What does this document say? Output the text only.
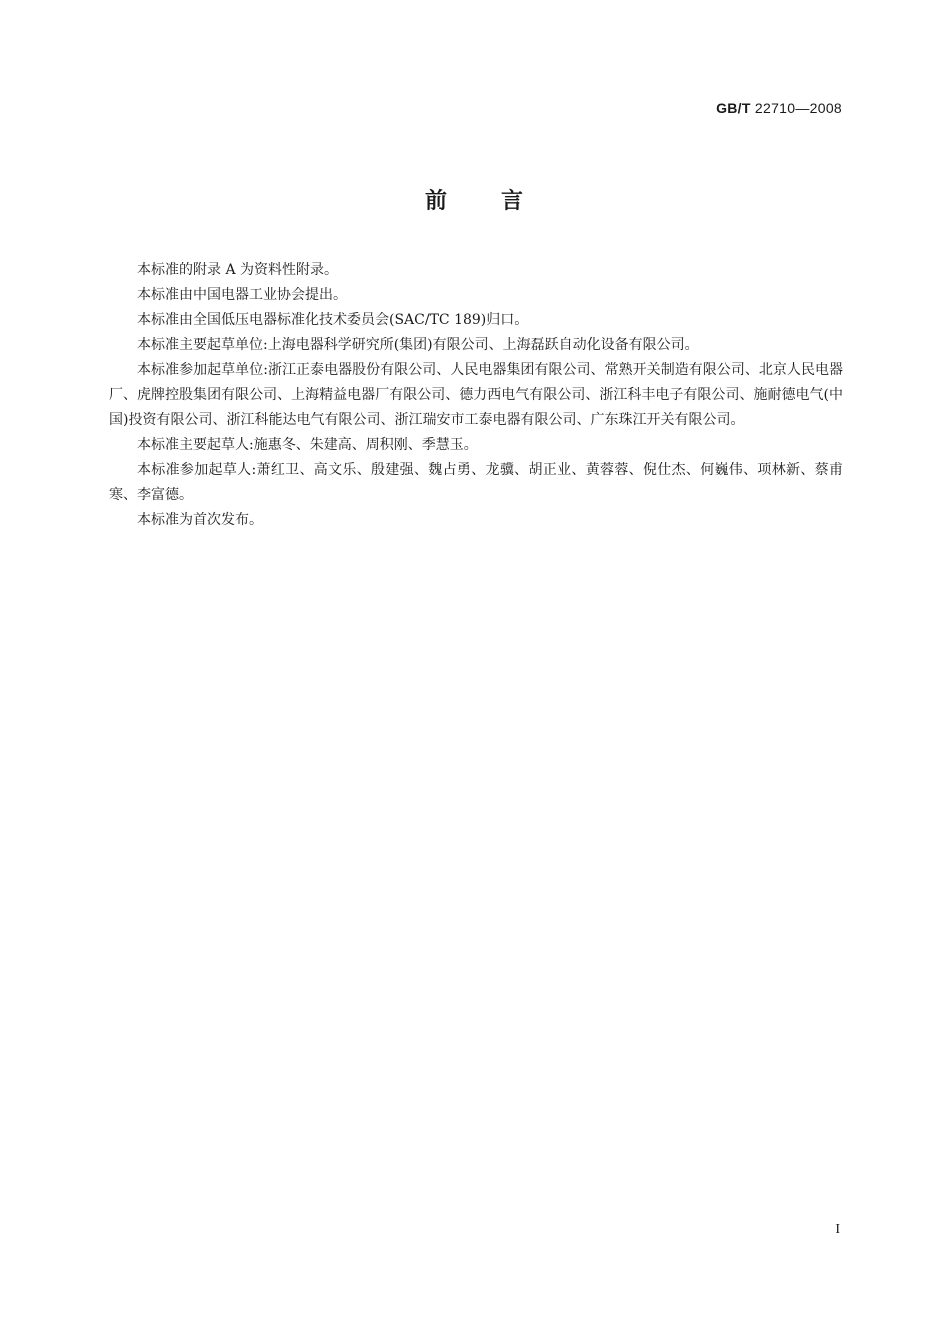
GB/T 22710—2008
前 言

本标准的附录 A 为资料性附录。

本标准由中国电器工业协会提出。

本标准由全国低压电器标准化技术委员会(SAC/TC 189)归口。

本标准主要起草单位:上海电器科学研究所(集团)有限公司、上海磊跃自动化设备有限公司。

本标准参加起草单位:浙江正泰电器股份有限公司、人民电器集团有限公司、常熟开关制造有限公司、北京人民电器厂、虎牌控股集团有限公司、上海精益电器厂有限公司、德力西电气有限公司、浙江科丰电子有限公司、施耐德电气(中国)投资有限公司、浙江科能达电气有限公司、浙江瑞安市工泰电器有限公司、广东珠江开关有限公司。

本标准主要起草人:施惠冬、朱建高、周积刚、季慧玉。

本标准参加起草人:萧红卫、高文乐、殷建强、魏占勇、龙骥、胡正业、黄蓉蓉、倪仕杰、何巍伟、项林新、蔡甫寒、李富德。

本标准为首次发布。

I
